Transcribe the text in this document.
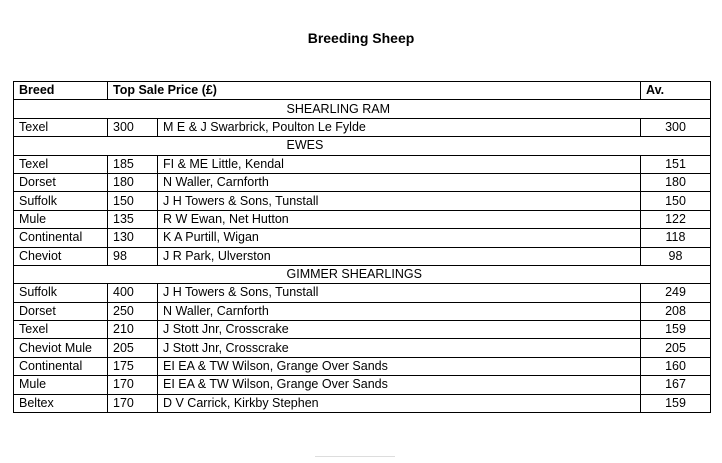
Breeding Sheep
Breed	Top Sale Price (£)		Av.
		SHEARLING RAM	
Texel	300	M E & J Swarbrick, Poulton Le Fylde	300
		EWES	
Texel	185	FI & ME Little, Kendal	151
Dorset	180	N Waller, Carnforth	180
Suffolk	150	J H Towers & Sons, Tunstall	150
Mule	135	R W Ewan, Net Hutton	122
Continental	130	K A Purtill, Wigan	118
Cheviot	98	J R Park, Ulverston	98
		GIMMER SHEARLINGS	
Suffolk	400	J H Towers & Sons, Tunstall	249
Dorset	250	N Waller, Carnforth	208
Texel	210	J Stott Jnr, Crosscrake	159
Cheviot Mule	205	J Stott Jnr, Crosscrake	205
Continental	175	EI EA & TW Wilson, Grange Over Sands	160
Mule	170	EI EA & TW Wilson, Grange Over Sands	167
Beltex	170	D V Carrick, Kirkby Stephen	159
